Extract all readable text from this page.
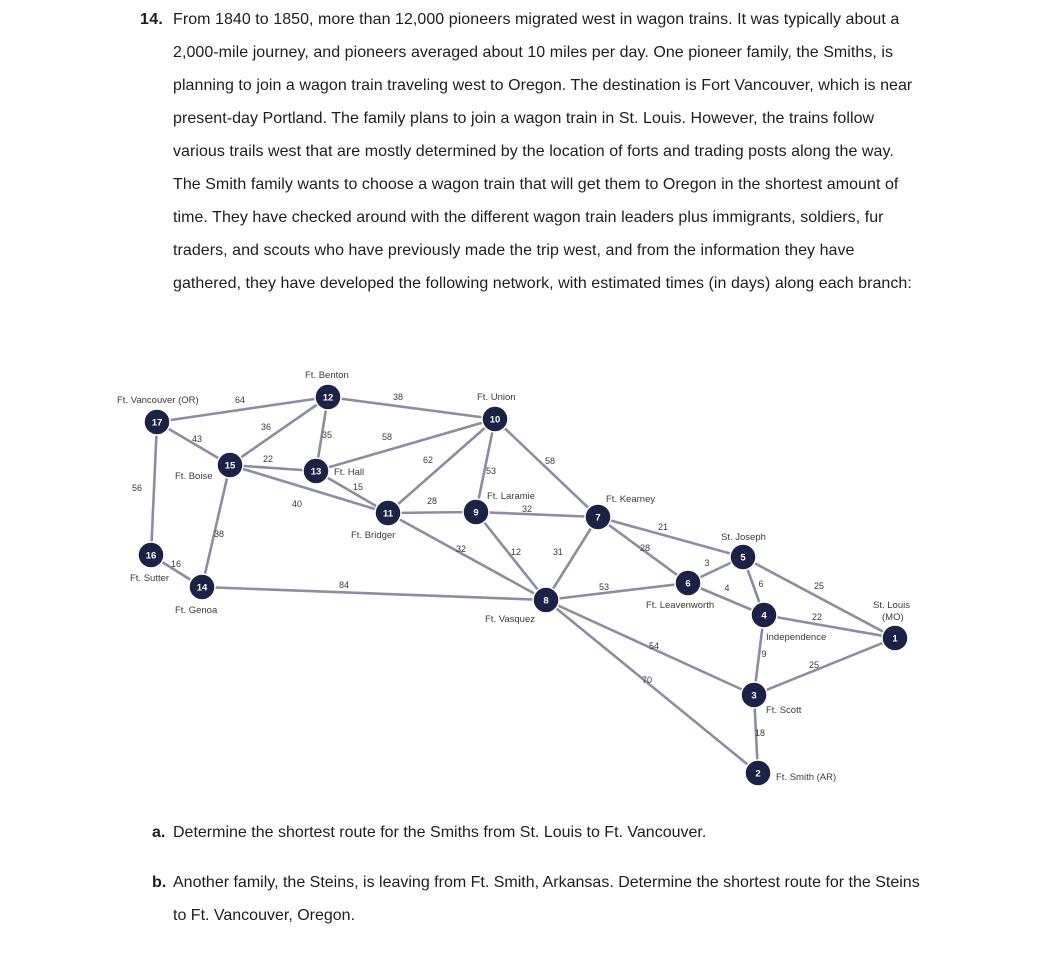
14. From 1840 to 1850, more than 12,000 pioneers migrated west in wagon trains. It was typically about a 2,000-mile journey, and pioneers averaged about 10 miles per day. One pioneer family, the Smiths, is planning to join a wagon train traveling west to Oregon. The destination is Fort Vancouver, which is near present-day Portland. The family plans to join a wagon train in St. Louis. However, the trains follow various trails west that are mostly determined by the location of forts and trading posts along the way. The Smith family wants to choose a wagon train that will get them to Oregon in the shortest amount of time. They have checked around with the different wagon train leaders plus immigrants, soldiers, fur traders, and scouts who have previously made the trip west, and from the information they have gathered, they have developed the following network, with estimated times (in days) along each branch:

25
22
25
18
70
9
54
6
4
3
21
28
53
31
32
58
12
32
84
53
28
62
38
58
15
40
35
36
64
22
38
16
43
56
1
2
3
4
5
6
7
8
9
10
11
12
13
14
15
16
17
St. Louis
(MO)
Ft. Smith (AR)
Ft. Scott
Independence
St. Joseph
Ft. Leavenworth
Ft. Kearney
Ft. Vasquez
Ft. Laramie
Ft. Union
Ft. Bridger
Ft. Benton
Ft. Hall
Ft. Genoa
Ft. Boise
Ft. Sutter
Ft. Vancouver (OR)
a. Determine the shortest route for the Smiths from St. Louis to Ft. Vancouver.

b. Another family, the Steins, is leaving from Ft. Smith, Arkansas. Determine the shortest route for the Steins to Ft. Vancouver, Oregon.
